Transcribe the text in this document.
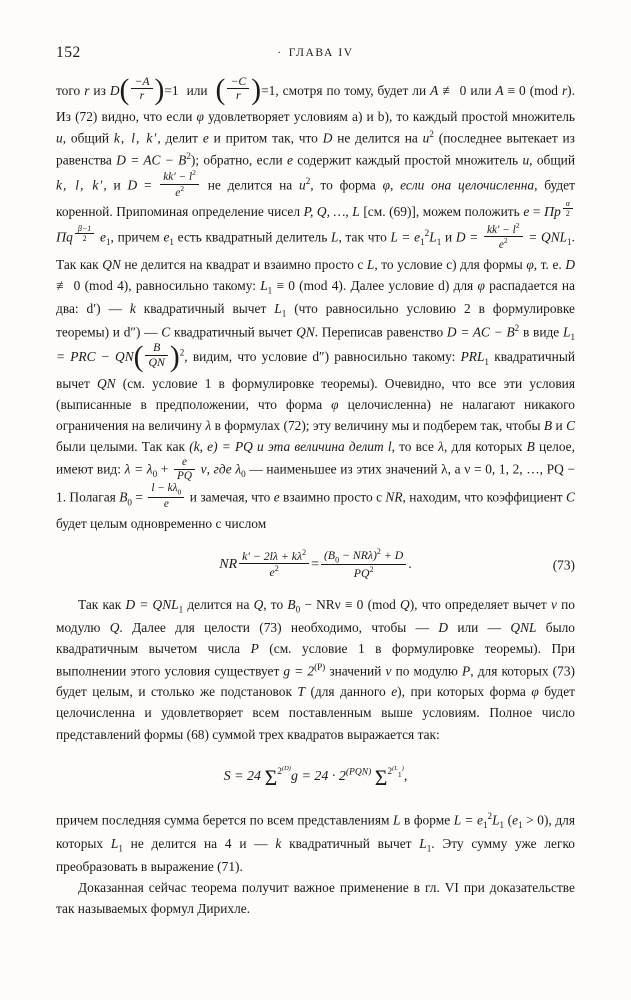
152	· ГЛАВА IV

того r из $D( \frac{-A}{r} )=1$ или ( $\frac{-C}{r} )=1$, смотря по тому, будет ли A ≢ 0 или A ≡ 0 (mod r). Из (72) видно, что если φ удовлетворяет условиям a) и b), то каждый простой множитель u, общий k, l, k′, делит e и притом так, что D не делится на $u^2$ (последнее вытекает из равенства D = AC − $B^2$); обратно, если e содержит каждый простой множитель u, общий k, l, k′, и $D = \frac{kk' - l^2}{e^2}$ не делится на $u^2$, то форма φ, если она целочисленна, будет коренной. Припоминая определение чисел P, Q, …, L [см. (69)], можем положить e = Πp $\frac{\alpha}{2}$
Πq $\frac{\beta-1}{2} e_1$, причем $e_1$ есть квадратный делитель L, так что $L = e_1^2L_1$ и $D = \frac{kk' - l^2}{e^2} = QNL_1$. Так как QN не делится на квадрат и взаимно просто с L, то условие c) для формы φ, т. е. D ≢ 0 (mod 4), равносильно такому: $L_1 \equiv 0$ (mod 4). Далее условие d) для φ распадается на два: d′) — k квадратичный вычет $L_1$ (что равносильно условию 2 в формулировке теоремы) и d″) — C квадратичный вычет QN. Переписав равенство D = AC − $B^2$ в виде $L_1$ = PRC − $QN( \frac{B}{QN} )^2$, видим, что условие d″) равносильно такому: $PRL_1$ квадратичный вычет QN (см. условие 1 в формулировке теоремы). Очевидно, что все эти условия (выписанные в предположении, что форма φ целочисленна) не налагают никакого ограничения на величину λ в формулах (72); эту величину мы и подберем так, чтобы B и C были целыми. Так как (k, e) = PQ и эта величина делит l, то все λ, для которых B целое, имеют вид: $\lambda = \lambda_0 + \frac{e}{PQ} \nu$, где $\lambda_0$ — наименьшее из этих значений λ, а ν = 0, 1, 2, …, PQ − 1. Полагая $B_0 = \frac{l - k\lambda_0}{e}$ и замечая, что e взаимно просто с NR, находим, что коэффициент C будет целым одновременно с числом

NR $\frac{k' - 2l\lambda + k\lambda^2}{e^2} = \frac{(B_0 - NR\lambda)^2 + D}{PQ^2}$ .	(73)

Так как $D = QNL_1$ делится на Q, то $B_0 - NR\nu \equiv 0$ (mod Q), что определяет вычет ν по модулю Q. Далее для целости (73) необходимо, чтобы — D или — QNL было квадратичным вычетом числа P (см. условие 1 в формулировке теоремы). При выполнении этого условия существует $g = 2^{(P)}$ значений ν по модулю P, для которых (73) будет целым, и столько же подстановок T (для данного e), при которых форма φ будет целочисленна и удовлетворяет всем поставленным выше условиям. Полное число представлений формы (68) суммой трех квадратов выражается так:

S = 24 $\Sigma^{2^{(D)}}g = 24 \cdot 2^{(PQN)}$ $\Sigma^{2^{(L}_1^)}$,

причем последняя сумма берется по всем представлениям L в форме $L = e_1^2L_1$ $(e_1 > 0)$, для которых $L_1$ не делится на 4 и — k квадратичный вычет $L_1$. Эту сумму уже легко преобразовать в выражение (71).

Доказанная сейчас теорема получит важное применение в гл. VI при доказательстве так называемых формул Дирихле.
